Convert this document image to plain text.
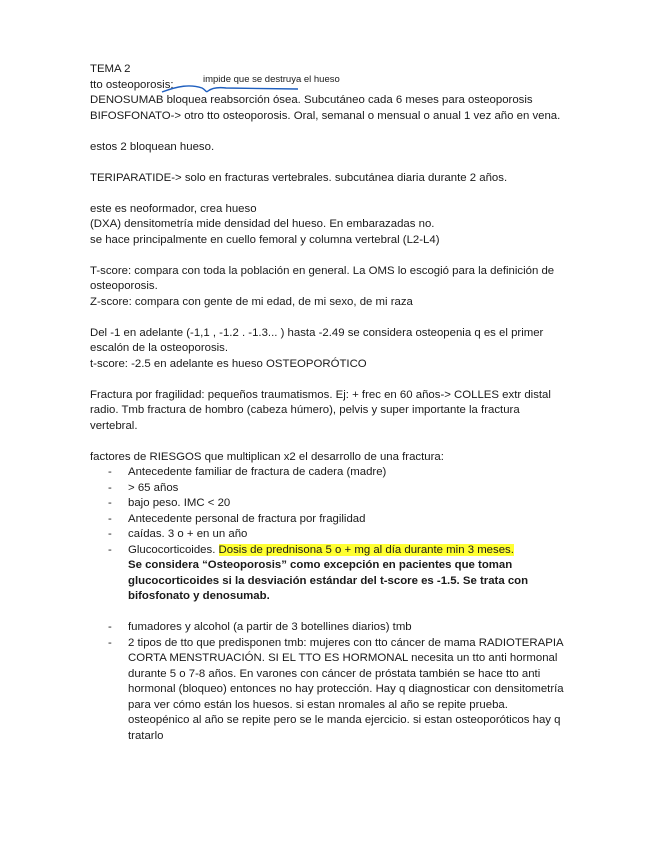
impide que se destruya el hueso
TEMA 2
tto osteoporosis:
DENOSUMAB bloquea reabsorción ósea. Subcutáneo cada 6 meses para osteoporosis
BIFOSFONATO-> otro tto osteoporosis. Oral, semanal o mensual o anual 1 vez año en vena.
estos 2 bloquean hueso.
TERIPARATIDE-> solo en fracturas vertebrales. subcutánea diaria durante 2 años.
este es neoformador, crea hueso
(DXA) densitometría mide densidad del hueso. En embarazadas no.
se hace principalmente en cuello femoral y columna vertebral (L2-L4)
T-score: compara con toda la población en general. La OMS lo escogió para la definición de osteoporosis.
Z-score: compara con gente de mi edad, de mi sexo, de mi raza
Del -1 en adelante (-1,1 , -1.2 . -1.3... ) hasta -2.49 se considera osteopenia q es el primer escalón de la osteoporosis.
t-score: -2.5 en adelante es hueso OSTEOPORÓTICO
Fractura por fragilidad: pequeños traumatismos. Ej: + frec en 60 años-> COLLES extr distal radio. Tmb fractura de hombro (cabeza húmero), pelvis y super importante la fractura vertebral.
factores de RIESGOS que multiplican x2 el desarrollo de una fractura:
- Antecedente familiar de fractura de cadera (madre)
- > 65 años
- bajo peso. IMC < 20
- Antecedente personal de fractura por fragilidad
- caídas. 3 o + en un año
- Glucocorticoides. Dosis de prednisona 5 o + mg al día durante min 3 meses.
Se considera “Osteoporosis” como excepción en pacientes que toman glucocorticoides si la desviación estándar del t-score es -1.5. Se trata con bifosfonato y denosumab.
- fumadores y alcohol (a partir de 3 botellines diarios) tmb
- 2 tipos de tto que predisponen tmb: mujeres con tto cáncer de mama RADIOTERAPIA CORTA MENSTRUACIÓN. SI EL TTO ES HORMONAL necesita un tto anti hormonal durante 5 o 7-8 años. En varones con cáncer de próstata también se hace tto anti hormonal (bloqueo) entonces no hay protección. Hay q diagnosticar con densitometría para ver cómo están los huesos. si estan nromales al año se repite prueba. osteopénico al año se repite pero se le manda ejercicio. si estan osteoporóticos hay q tratarlo
